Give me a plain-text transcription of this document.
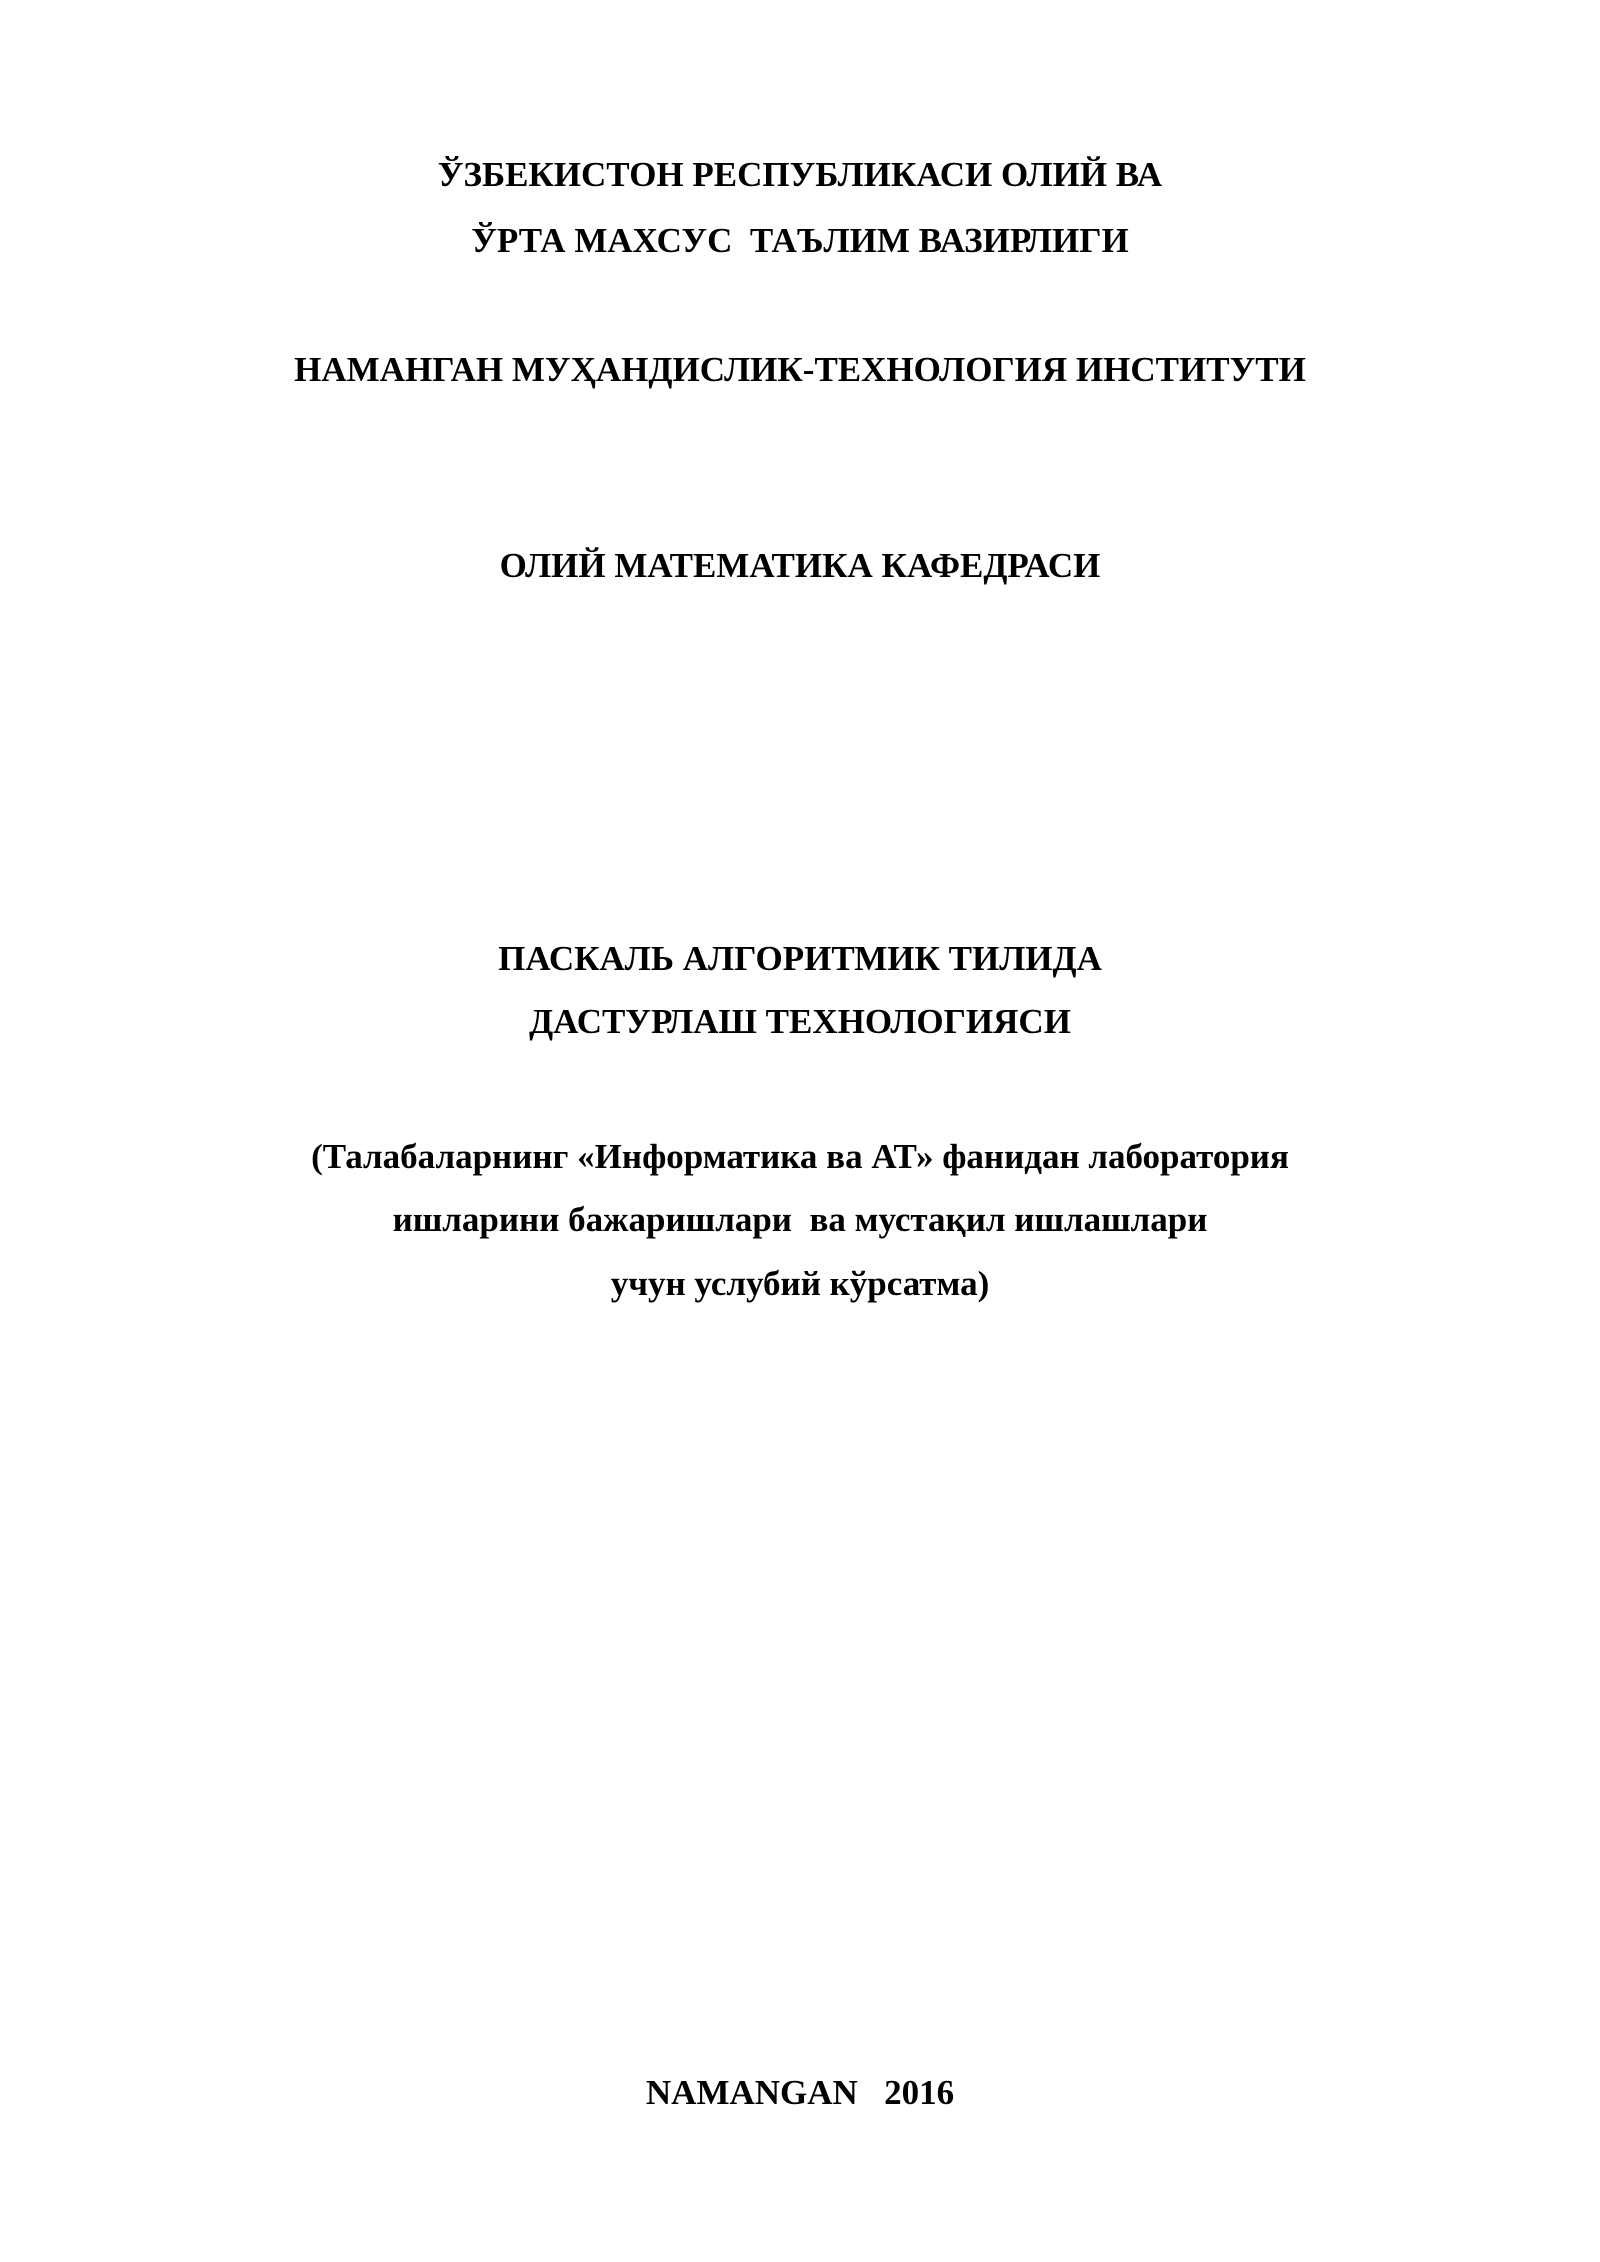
ЎЗБЕКИСТОН РЕСПУБЛИКАСИ ОЛИЙ ВА
ЎРТА МАХСУС  ТАЪЛИМ ВАЗИРЛИГИ
НАМАНГАН МУҲАНДИСЛИК-ТЕХНОЛОГИЯ ИНСТИТУТИ
ОЛИЙ МАТЕМАТИКА КАФЕДРАСИ
ПАСКАЛЬ АЛГОРИТМИК ТИЛИДА
ДАСТУРЛАШ ТЕХНОЛОГИЯСИ
(Талабаларнинг «Информатика ва АТ» фанидан лаборатория
ишларини бажаришлари  ва мустақил ишлашлари
учун услубий кўрсатма)
NAMANGAN   2016
